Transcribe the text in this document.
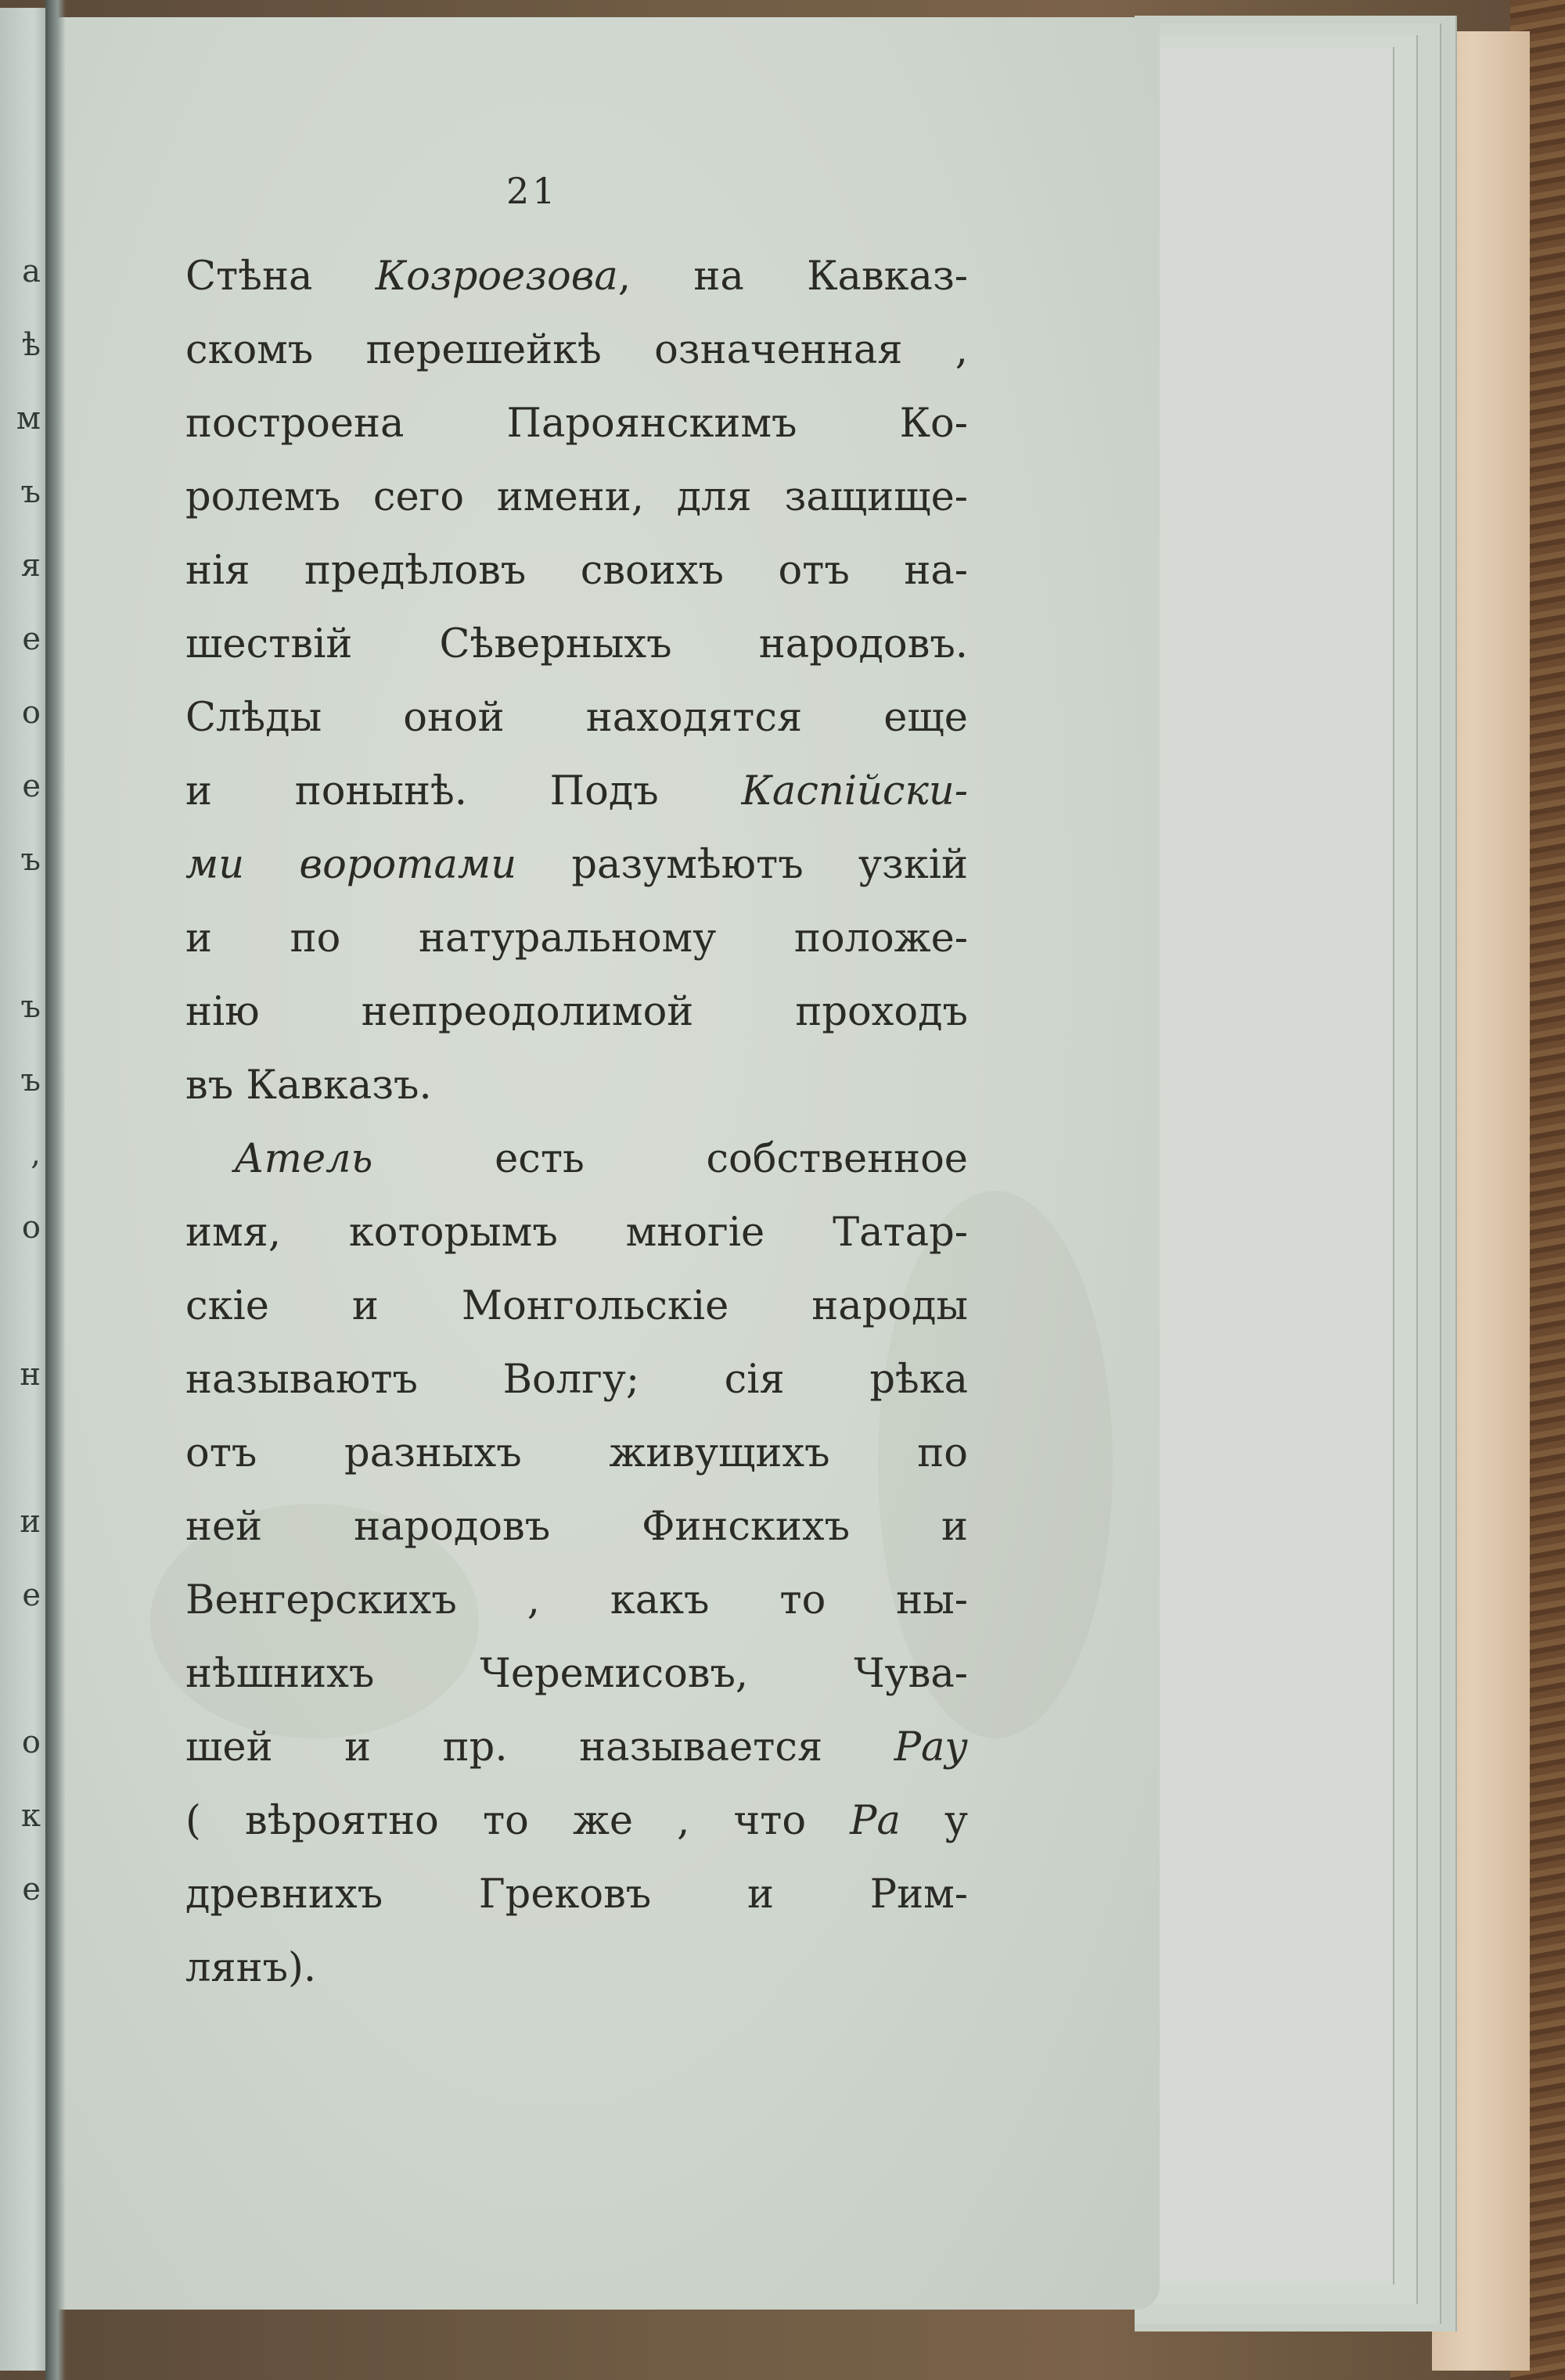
а
ѣ
м
ъ
я
е
о
е
ъ

ъ
ъ
,
о

н

и
е

о
к
е
21
Стѣна Козроезова, на Кавказ-
скомъ перешейкѣ означенная ,
построена Пароянскимъ Ко-
ролемъ сего имени, для защище-
нія предѣловъ своихъ отъ на-
шествій Сѣверныхъ народовъ.
Слѣды оной находятся еще
и понынѣ. Подъ Каспійски-
ми воротами разумѣютъ узкій
и по натуральному положе-
нію непреодолимой проходъ
въ Кавказъ.
Атель есть собственное
имя, которымъ многіе Татар-
скіе и Монгольскіе народы
называютъ Волгу; сія рѣка
отъ разныхъ живущихъ по
ней народовъ Финскихъ и
Венгерскихъ , какъ то ны-
нѣшнихъ Черемисовъ, Чува-
шей и пр. называется Рау
( вѣроятно то же , что Ра у
древнихъ Грековъ и Рим-
лянъ).
